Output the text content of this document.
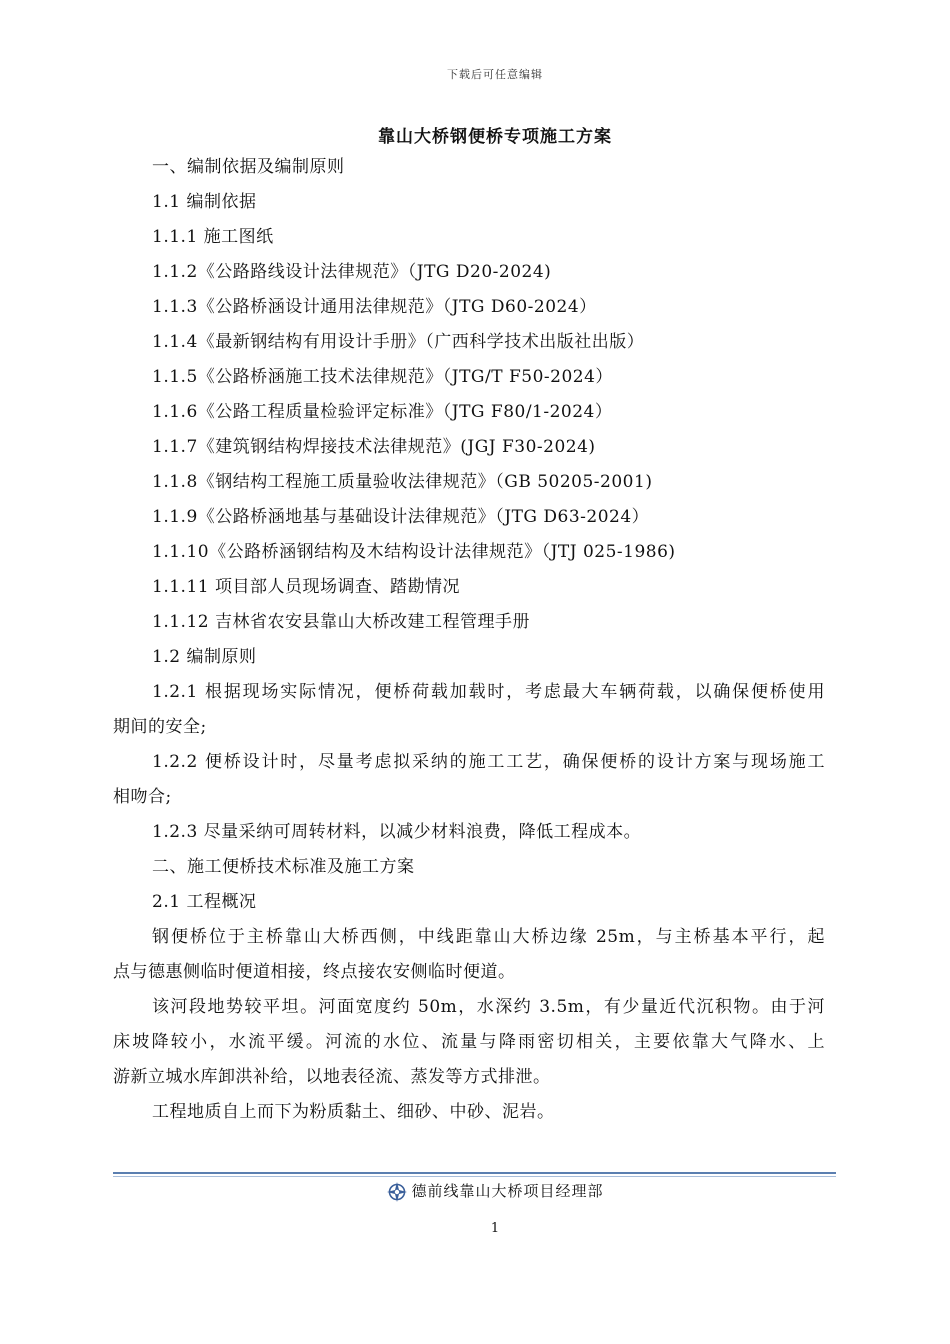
下载后可任意编辑
靠山大桥钢便桥专项施工方案
一、编制依据及编制原则
1.1 编制依据
1.1.1 施工图纸
1.1.2《公路路线设计法律规范》（JTG D20-2024)
1.1.3《公路桥涵设计通用法律规范》（JTG D60-2024）
1.1.4《最新钢结构有用设计手册》（广西科学技术出版社出版）
1.1.5《公路桥涵施工技术法律规范》（JTG/T F50-2024）
1.1.6《公路工程质量检验评定标准》（JTG F80/1-2024）
1.1.7《建筑钢结构焊接技术法律规范》(JGJ F30-2024)
1.1.8《钢结构工程施工质量验收法律规范》（GB 50205-2001)
1.1.9《公路桥涵地基与基础设计法律规范》（JTG D63-2024）
1.1.10《公路桥涵钢结构及木结构设计法律规范》（JTJ 025-1986)
1.1.11 项目部人员现场调查、踏勘情况
1.1.12 吉林省农安县靠山大桥改建工程管理手册
1.2 编制原则
1.2.1 根据现场实际情况，便桥荷载加载时，考虑最大车辆荷载，以确保便桥使用
期间的安全;
1.2.2 便桥设计时，尽量考虑拟采纳的施工工艺，确保便桥的设计方案与现场施工
相吻合;
1.2.3 尽量采纳可周转材料，以减少材料浪费，降低工程成本。
二、施工便桥技术标准及施工方案
2.1 工程概况
钢便桥位于主桥靠山大桥西侧，中线距靠山大桥边缘 25m，与主桥基本平行，起
点与德惠侧临时便道相接，终点接农安侧临时便道。
该河段地势较平坦。河面宽度约 50m，水深约 3.5m，有少量近代沉积物。由于河
床坡降较小，水流平缓。河流的水位、流量与降雨密切相关，主要依靠大气降水、上
游新立城水库卸洪补给，以地表径流、蒸发等方式排泄。
工程地质自上而下为粉质黏土、细砂、中砂、泥岩。
德前线靠山大桥项目经理部
1
